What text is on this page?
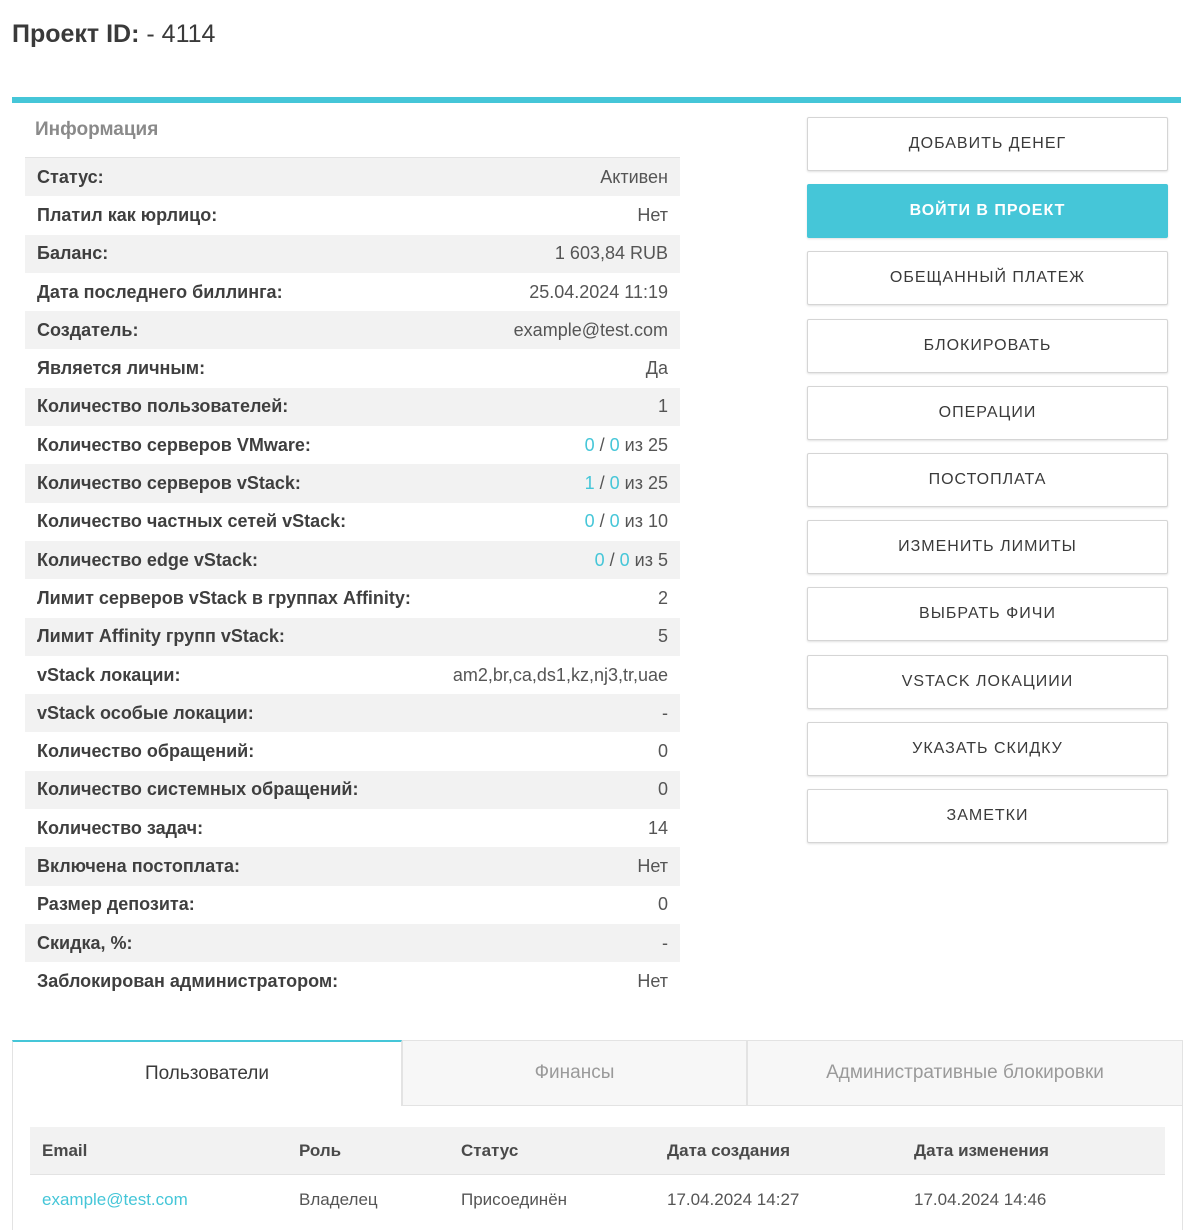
Проект ID: - 4114
Информация
Статус:	Активен
Платил как юрлицо:	Нет
Баланс:	1 603,84 RUB
Дата последнего биллинга:	25.04.2024 11:19
Создатель:	example@test.com
Является личным:	Да
Количество пользователей:	1
Количество серверов VMware:	0 / 0 из 25
Количество серверов vStack:	1 / 0 из 25
Количество частных сетей vStack:	0 / 0 из 10
Количество edge vStack:	0 / 0 из 5
Лимит серверов vStack в группах Affinity:	2
Лимит Affinity групп vStack:	5
vStack локации:	am2,br,ca,ds1,kz,nj3,tr,uae
vStack особые локации:	-
Количество обращений:	0
Количество системных обращений:	0
Количество задач:	14
Включена постоплата:	Нет
Размер депозита:	0
Скидка, %:	-
Заблокирован администратором:	Нет
ДОБАВИТЬ ДЕНЕГ
ВОЙТИ В ПРОЕКТ
ОБЕЩАННЫЙ ПЛАТЕЖ
БЛОКИРОВАТЬ
ОПЕРАЦИИ
ПОСТОПЛАТА
ИЗМЕНИТЬ ЛИМИТЫ
ВЫБРАТЬ ФИЧИ
VSTACK ЛОКАЦИИИ
УКАЗАТЬ СКИДКУ
ЗАМЕТКИ
Пользователи	Финансы	Административные блокировки
Email	Роль	Статус	Дата создания	Дата изменения
example@test.com	Владелец	Присоединён	17.04.2024 14:27	17.04.2024 14:46
